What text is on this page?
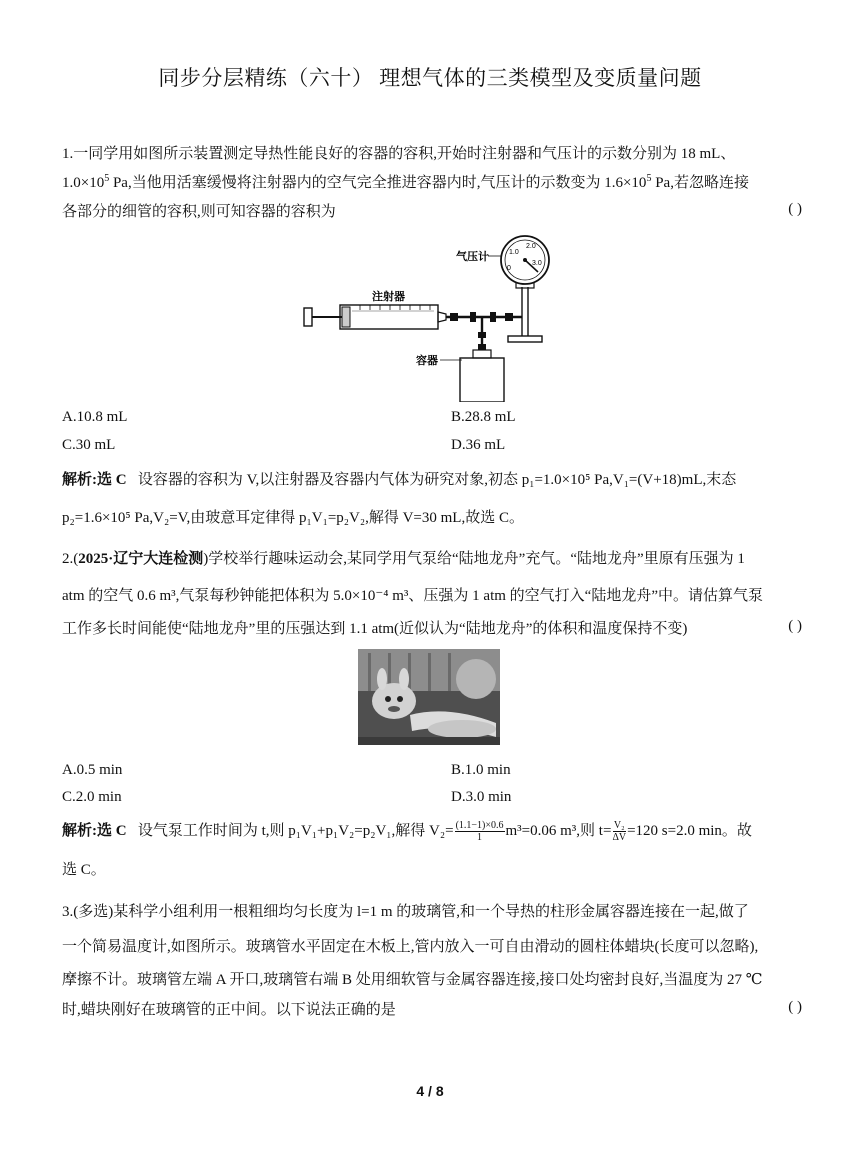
同步分层精练（六十） 理想气体的三类模型及变质量问题
1.一同学用如图所示装置测定导热性能良好的容器的容积,开始时注射器和气压计的示数分别为 18 mL、
$1.0\times 10^5$ Pa,当他用活塞缓慢将注射器内的空气完全推进容器内时,气压计的示数变为 $1.6\times 10^5$ Pa,若忽略连接
各部分的细管的容积,则可知容器的容积为	( )
0
1.0
2.0
3.0
气压计
注射器
容器
A.10.8 mL	B.28.8 mL
C.30 mL	D.36 mL
解析:选 C 设容器的容积为 V,以注射器及容器内气体为研究对象,初态 p₁=1.0×10⁵ Pa,V₁=(V+18)mL,末态
p₂=1.6×10⁵ Pa,V₂=V,由玻意耳定律得 p₁V₁=p₂V₂,解得 V=30 mL,故选 C。
2.(2025·辽宁大连检测)学校举行趣味运动会,某同学用气泵给“陆地龙舟”充气。“陆地龙舟”里原有压强为 1
atm 的空气 0.6 m³,气泵每秒钟能把体积为 5.0×10⁻⁴ m³、压强为 1 atm 的空气打入“陆地龙舟”中。请估算气泵
工作多长时间能使“陆地龙舟”里的压强达到 1.1 atm(近似认为“陆地龙舟”的体积和温度保持不变)	( )
A.0.5 min	B.1.0 min
C.2.0 min	D.3.0 min
解析:选 C 设气泵工作时间为 t,则 p₁V₁+p₁V₂=p₂V₁,解得 $V_2= \frac{(1.1-1)\times 0.6}{1} m^3=0.06$ m³,则 $t= \frac{\text{V₂}}{\Delta V} =120$ s=2.0 min。故
选 C。
3.(多选)某科学小组利用一根粗细均匀长度为 l=1 m 的玻璃管,和一个导热的柱形金属容器连接在一起,做了
一个简易温度计,如图所示。玻璃管水平固定在木板上,管内放入一可自由滑动的圆柱体蜡块(长度可以忽略),
摩擦不计。玻璃管左端 A 开口,玻璃管右端 B 处用细软管与金属容器连接,接口处均密封良好,当温度为 27 ℃
时,蜡块刚好在玻璃管的正中间。以下说法正确的是	( )
4 / 8
